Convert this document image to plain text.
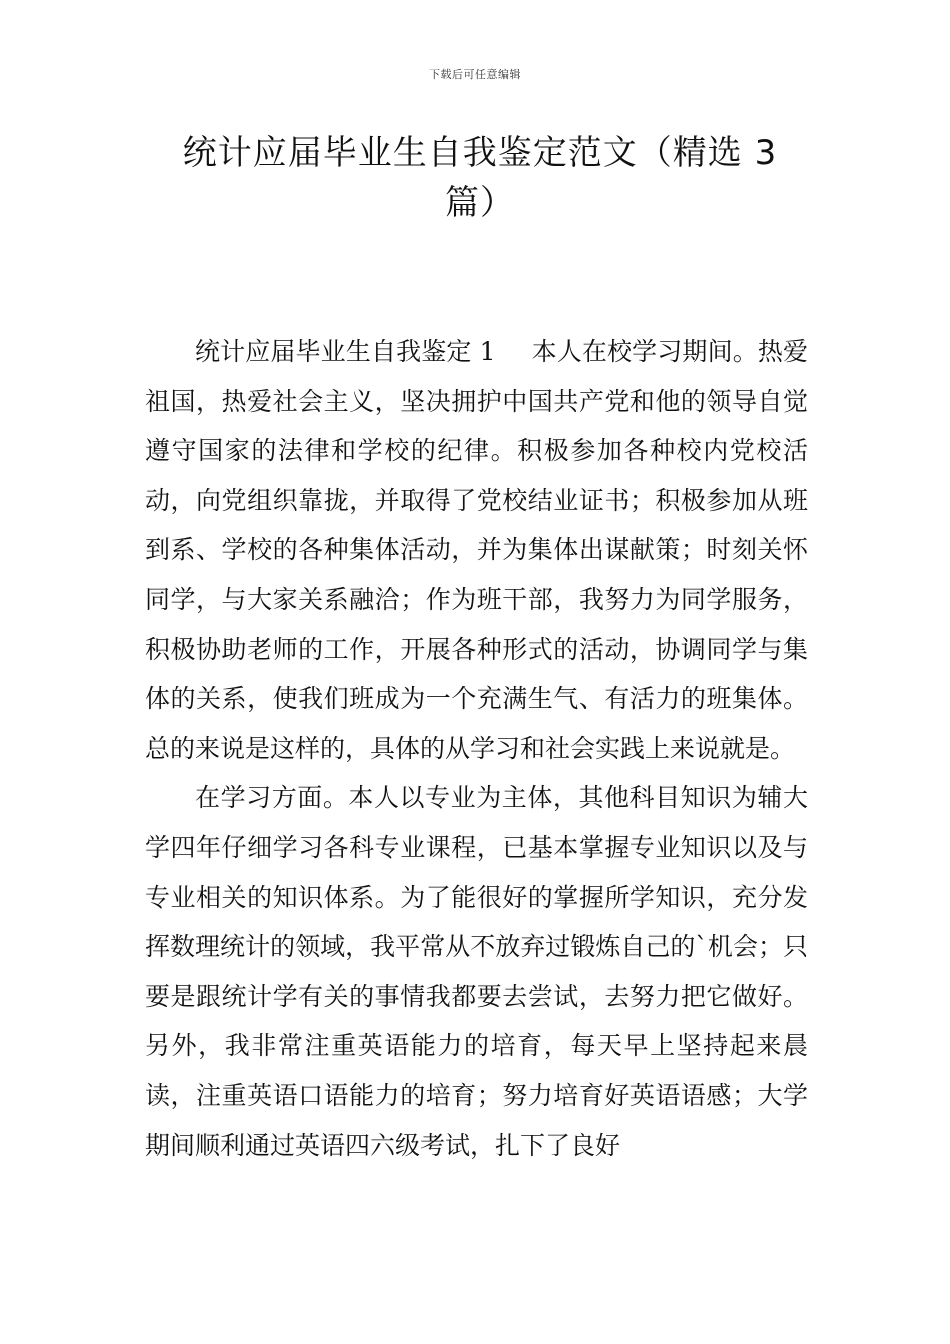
下载后可任意编辑
统计应届毕业生自我鉴定范文（精选 3 篇）

统计应届毕业生自我鉴定 1 本人在校学习期间。热爱祖国，热爱社会主义，坚决拥护中国共产党和他的领导自觉遵守国家的法律和学校的纪律。积极参加各种校内党校活动，向党组织靠拢，并取得了党校结业证书；积极参加从班到系、学校的各种集体活动，并为集体出谋献策；时刻关怀同学，与大家关系融洽；作为班干部，我努力为同学服务，积极协助老师的工作，开展各种形式的活动，协调同学与集体的关系，使我们班成为一个充满生气、有活力的班集体。总的来说是这样的，具体的从学习和社会实践上来说就是。

在学习方面。本人以专业为主体，其他科目知识为辅大学四年仔细学习各科专业课程，已基本掌握专业知识以及与专业相关的知识体系。为了能很好的掌握所学知识，充分发挥数理统计的领域，我平常从不放弃过锻炼自己的`机会；只要是跟统计学有关的事情我都要去尝试，去努力把它做好。另外，我非常注重英语能力的培育，每天早上坚持起来晨读，注重英语口语能力的培育；努力培育好英语语感；大学期间顺利通过英语四六级考试，扎下了良好
